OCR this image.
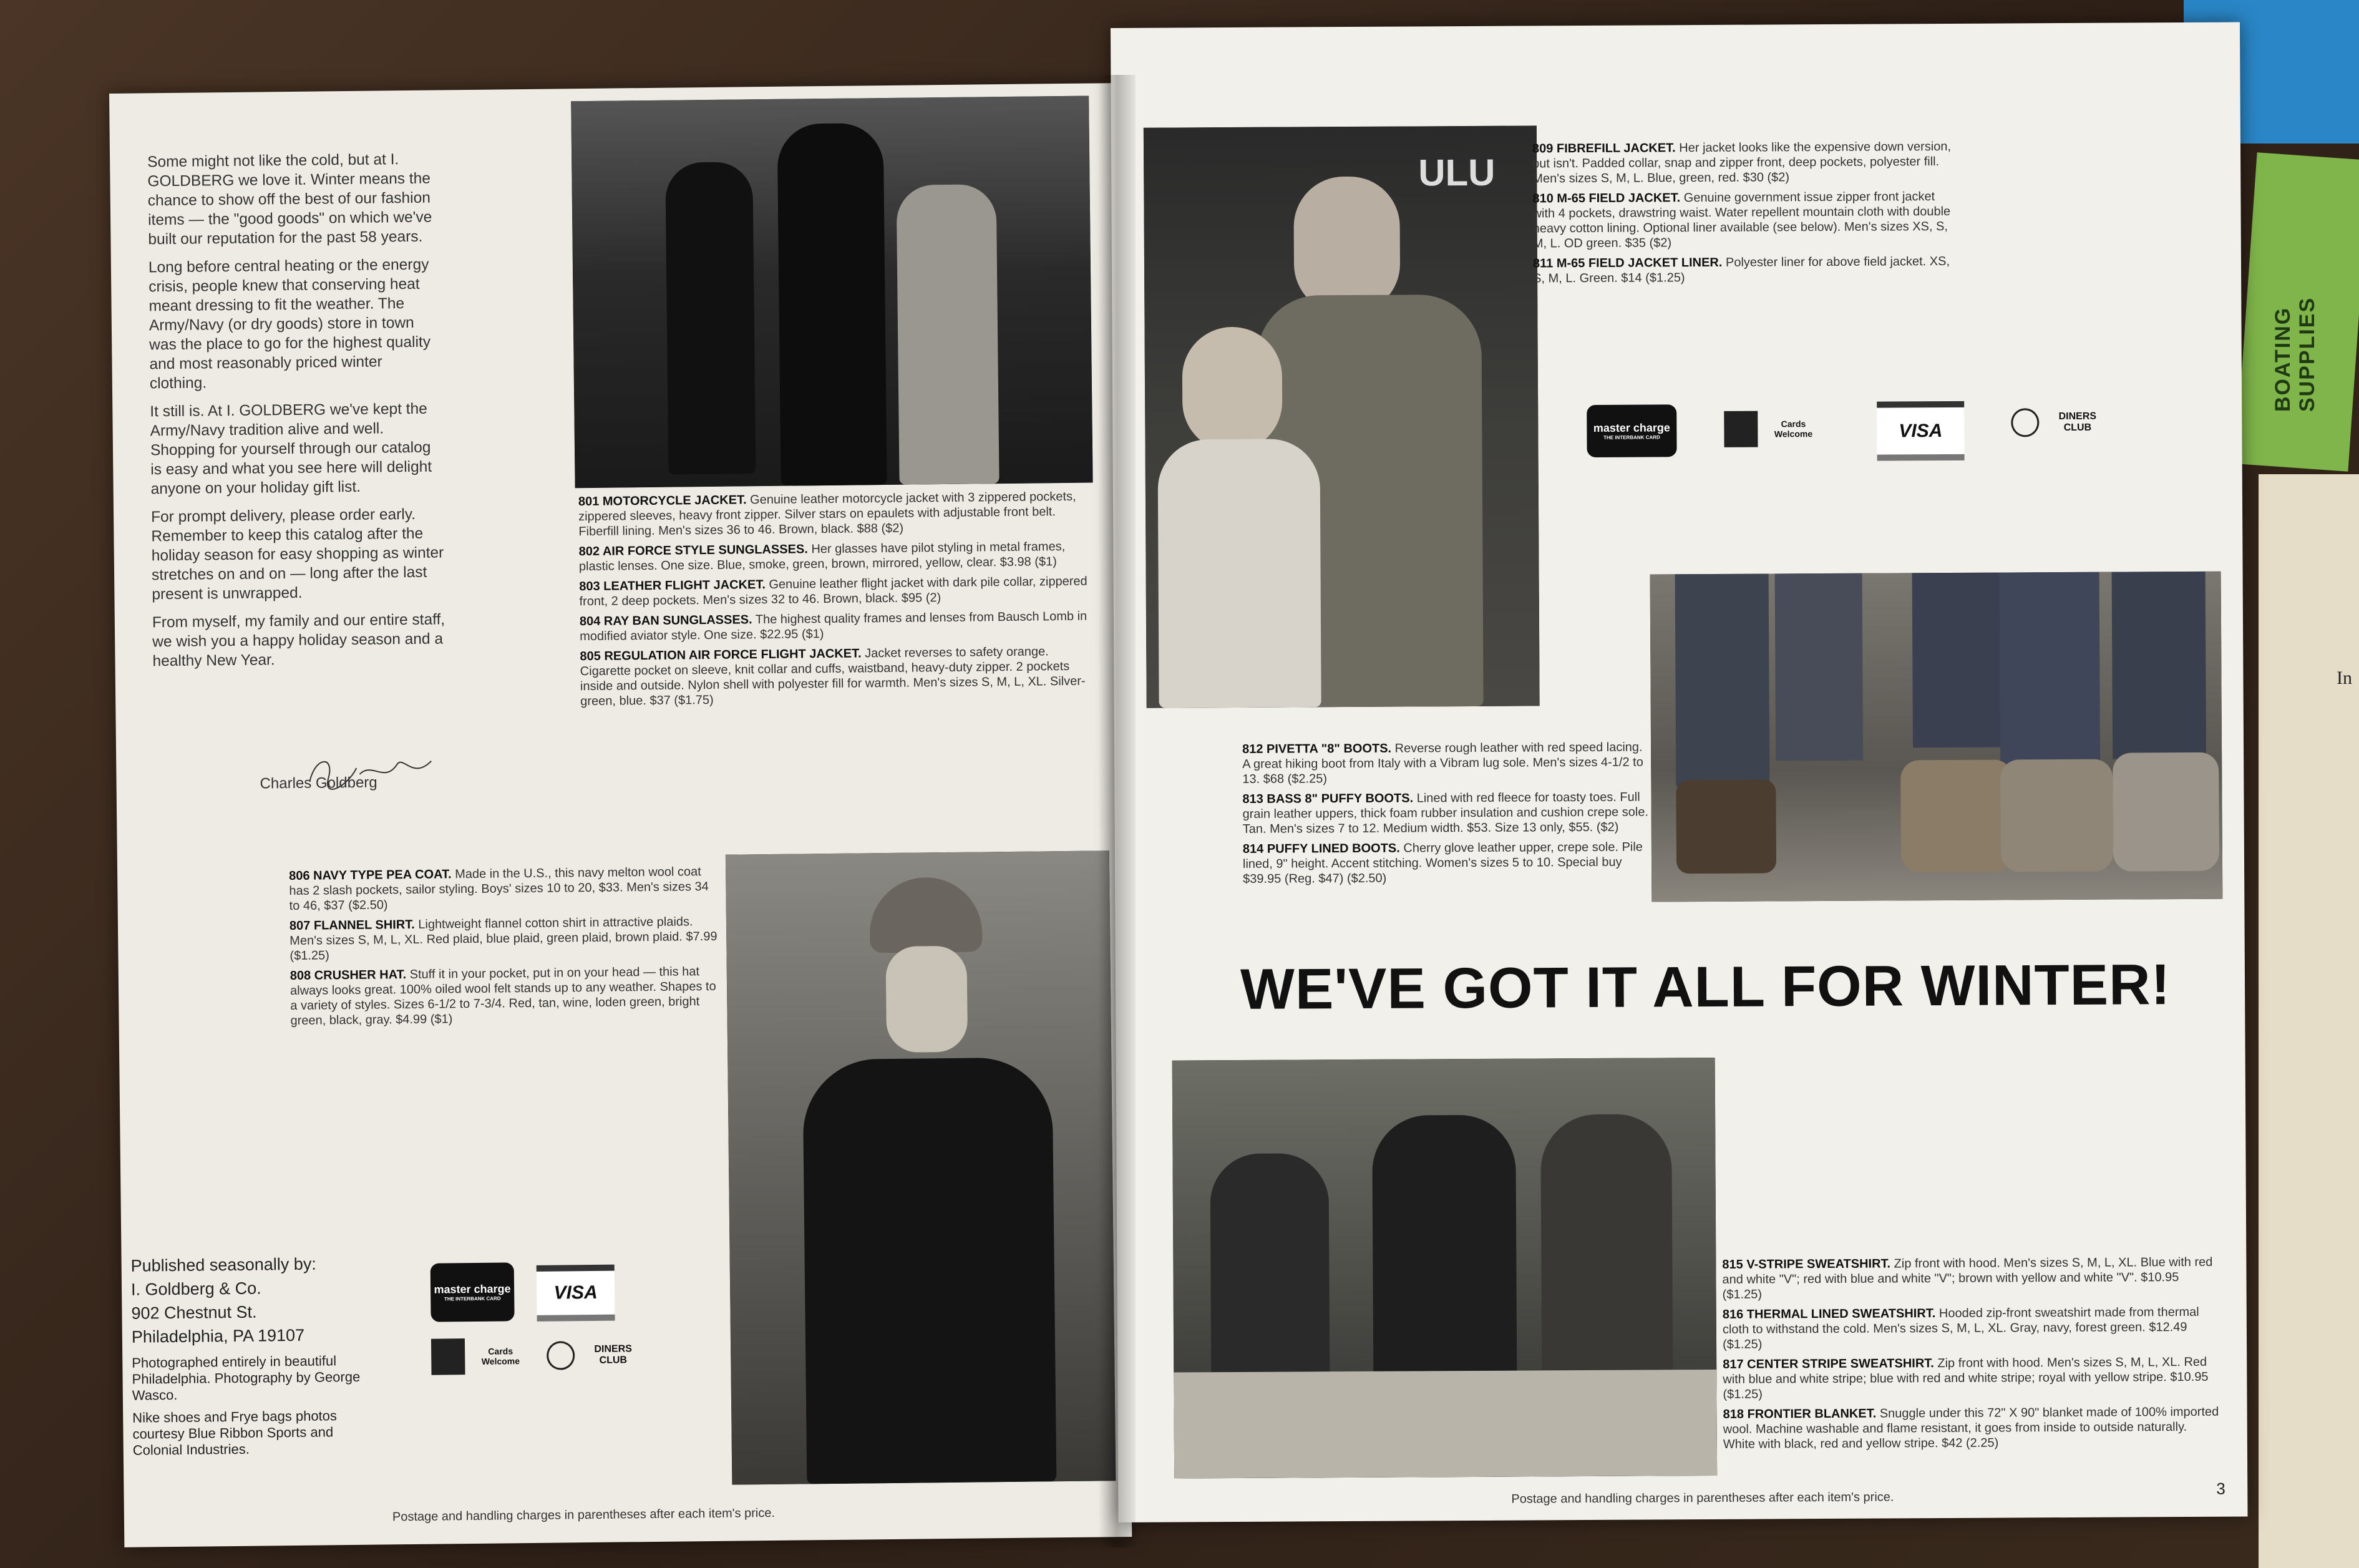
BOATING SUPPLIES
In

Some might not like the cold, but at I. GOLDBERG we love it. Winter means the chance to show off the best of our fashion items — the "good goods" on which we've built our reputation for the past 58 years.

Long before central heating or the energy crisis, people knew that conserving heat meant dressing to fit the weather. The Army/Navy (or dry goods) store in town was the place to go for the highest quality and most reasonably priced winter clothing.

It still is. At I. GOLDBERG we've kept the Army/Navy tradition alive and well. Shopping for yourself through our catalog is easy and what you see here will delight anyone on your holiday gift list.

For prompt delivery, please order early. Remember to keep this catalog after the holiday season for easy shopping as winter stretches on and on — long after the last present is unwrapped.

From myself, my family and our entire staff, we wish you a happy holiday season and a healthy New Year.

Charles Goldberg

801 MOTORCYCLE JACKET. Genuine leather motorcycle jacket with 3 zippered pockets, zippered sleeves, heavy front zipper. Silver stars on epaulets with adjustable front belt. Fiberfill lining. Men's sizes 36 to 46. Brown, black. $88 ($2)

802 AIR FORCE STYLE SUNGLASSES. Her glasses have pilot styling in metal frames, plastic lenses. One size. Blue, smoke, green, brown, mirrored, yellow, clear. $3.98 ($1)

803 LEATHER FLIGHT JACKET. Genuine leather flight jacket with dark pile collar, zippered front, 2 deep pockets. Men's sizes 32 to 46. Brown, black. $95 (2)

804 RAY BAN SUNGLASSES. The highest quality frames and lenses from Bausch Lomb in modified aviator style. One size. $22.95 ($1)

805 REGULATION AIR FORCE FLIGHT JACKET. Jacket reverses to safety orange. Cigarette pocket on sleeve, knit collar and cuffs, waistband, heavy-duty zipper. 2 pockets inside and outside. Nylon shell with polyester fill for warmth. Men's sizes S, M, L, XL. Silver-green, blue. $37 ($1.75)

806 NAVY TYPE PEA COAT. Made in the U.S., this navy melton wool coat has 2 slash pockets, sailor styling. Boys' sizes 10 to 20, $33. Men's sizes 34 to 46, $37 ($2.50)

807 FLANNEL SHIRT. Lightweight flannel cotton shirt in attractive plaids. Men's sizes S, M, L, XL. Red plaid, blue plaid, green plaid, brown plaid. $7.99 ($1.25)

808 CRUSHER HAT. Stuff it in your pocket, put in on your head — this hat always looks great. 100% oiled wool felt stands up to any weather. Shapes to a variety of styles. Sizes 6-1/2 to 7-3/4. Red, tan, wine, loden green, bright green, black, gray. $4.99 ($1)

Published seasonally by:
I. Goldberg & Co.
902 Chestnut St.
Philadelphia, PA 19107
Photographed entirely in beautiful Philadelphia. Photography by George Wasco.
Nike shoes and Frye bags photos courtesy Blue Ribbon Sports and Colonial Industries.
master charge
THE INTERBANK CARD	VISA
Cards Welcome
DINERS CLUB
Postage and handling charges in parentheses after each item's price.
ULU

809 FIBREFILL JACKET. Her jacket looks like the expensive down version, but isn't. Padded collar, snap and zipper front, deep pockets, polyester fill. Men's sizes S, M, L. Blue, green, red. $30 ($2)

810 M-65 FIELD JACKET. Genuine government issue zipper front jacket with 4 pockets, drawstring waist. Water repellent mountain cloth with double heavy cotton lining. Optional liner available (see below). Men's sizes XS, S, M, L. OD green. $35 ($2)

811 M-65 FIELD JACKET LINER. Polyester liner for above field jacket. XS, S, M, L. Green. $14 ($1.25)

master charge
THE INTERBANK CARD
Cards Welcome	VISA
DINERS CLUB

812 PIVETTA "8" BOOTS. Reverse rough leather with red speed lacing. A great hiking boot from Italy with a Vibram lug sole. Men's sizes 4-1/2 to 13. $68 ($2.25)

813 BASS 8" PUFFY BOOTS. Lined with red fleece for toasty toes. Full grain leather uppers, thick foam rubber insulation and cushion crepe sole. Tan. Men's sizes 7 to 12. Medium width. $53. Size 13 only, $55. ($2)

814 PUFFY LINED BOOTS. Cherry glove leather upper, crepe sole. Pile lined, 9" height. Accent stitching. Women's sizes 5 to 10. Special buy $39.95 (Reg. $47) ($2.50)

WE'VE GOT IT ALL FOR WINTER!

815 V-STRIPE SWEATSHIRT. Zip front with hood. Men's sizes S, M, L, XL. Blue with red and white "V"; red with blue and white "V"; brown with yellow and white "V". $10.95 ($1.25)

816 THERMAL LINED SWEATSHIRT. Hooded zip-front sweatshirt made from thermal cloth to withstand the cold. Men's sizes S, M, L, XL. Gray, navy, forest green. $12.49 ($1.25)

817 CENTER STRIPE SWEATSHIRT. Zip front with hood. Men's sizes S, M, L, XL. Red with blue and white stripe; blue with red and white stripe; royal with yellow stripe. $10.95 ($1.25)

818 FRONTIER BLANKET. Snuggle under this 72" X 90" blanket made of 100% imported wool. Machine washable and flame resistant, it goes from inside to outside naturally. White with black, red and yellow stripe. $42 (2.25)

Postage and handling charges in parentheses after each item's price.
3
